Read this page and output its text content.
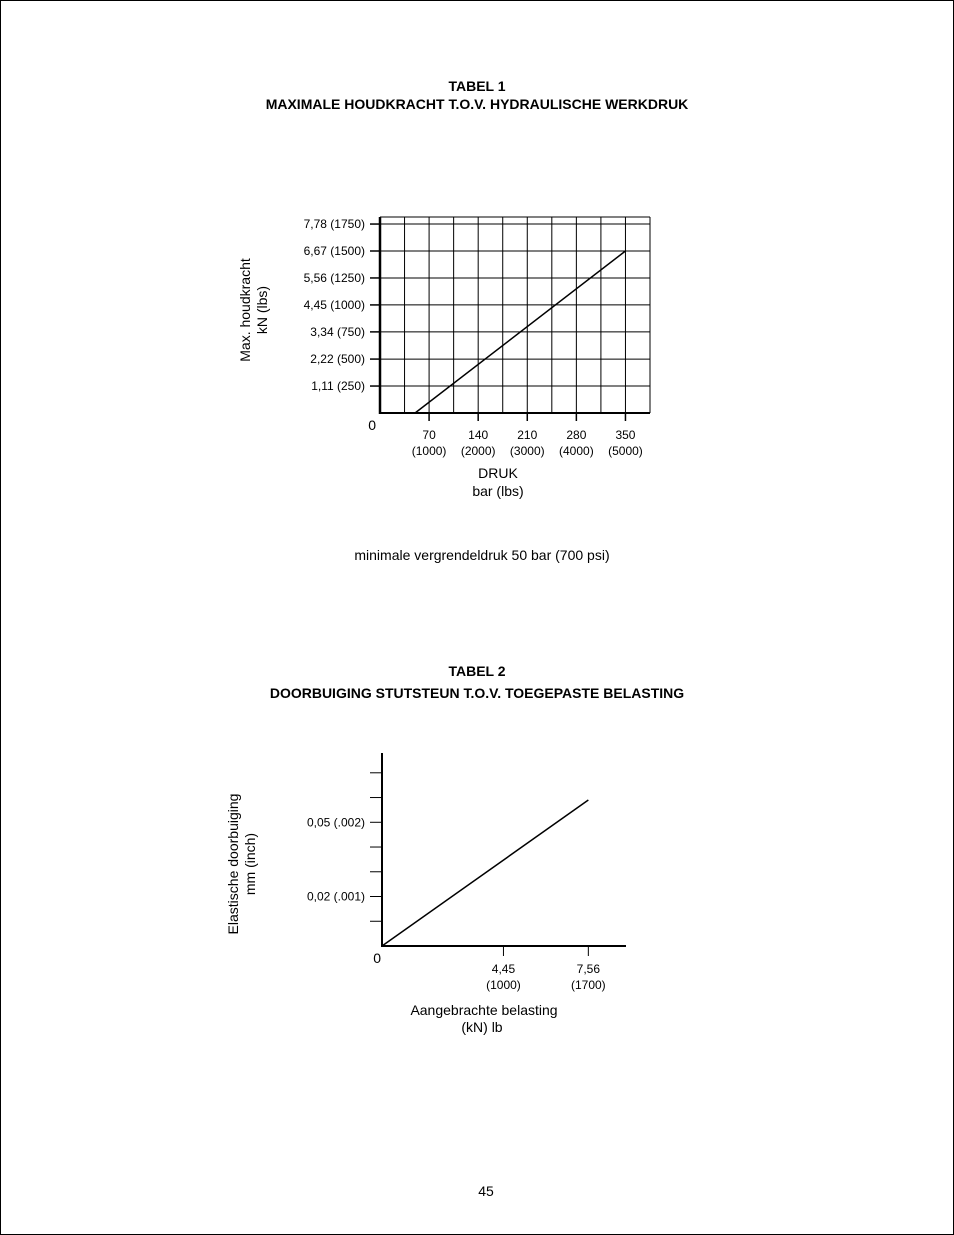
TABEL 1
MAXIMALE HOUDKRACHT T.O.V. HYDRAULISCHE WERKDRUK
1,11 (250)
2,22 (500)
3,34 (750)
4,45 (1000)
5,56 (1250)
6,67 (1500)
7,78 (1750)
70
(1000)
140
(2000)
210
(3000)
280
(4000)
350
(5000)
0
DRUK
bar (lbs)
Max. houdkracht kN (lbs)
minimale vergrendeldruk 50 bar (700 psi)
TABEL 2
DOORBUIGING STUTSTEUN T.O.V. TOEGEPASTE BELASTING
0,02 (.001)
0,05 (.002)
4,45
(1000)
7,56
(1700)
0
Aangebrachte belasting
(kN) lb
Elastische doorbuiging mm (inch)
45
